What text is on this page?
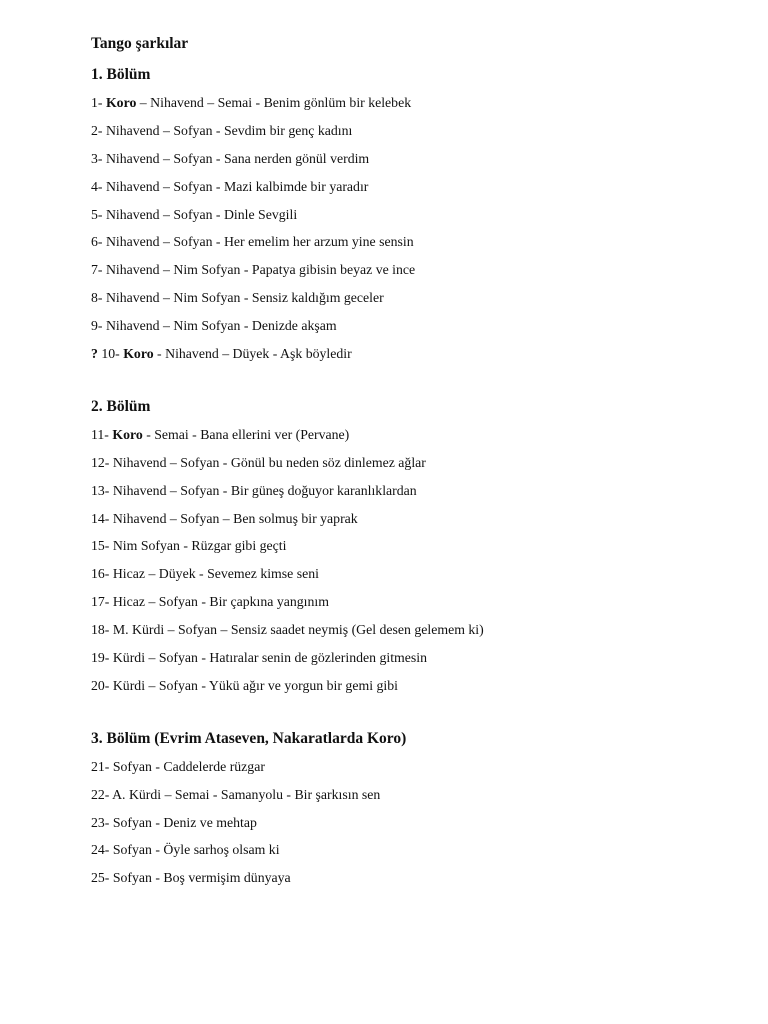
Tango şarkılar
1. Bölüm
1- Koro – Nihavend – Semai - Benim gönlüm bir kelebek
2- Nihavend – Sofyan - Sevdim bir genç kadını
3- Nihavend – Sofyan - Sana nerden gönül verdim
4- Nihavend – Sofyan - Mazi kalbimde bir yaradır
5- Nihavend – Sofyan - Dinle Sevgili
6- Nihavend – Sofyan - Her emelim her arzum yine sensin
7- Nihavend – Nim Sofyan - Papatya gibisin beyaz ve ince
8- Nihavend – Nim Sofyan - Sensiz kaldığım geceler
9- Nihavend – Nim Sofyan - Denizde akşam
? 10- Koro - Nihavend – Düyek - Aşk böyledir
2. Bölüm
11- Koro - Semai - Bana ellerini ver (Pervane)
12- Nihavend – Sofyan - Gönül bu neden söz dinlemez ağlar
13- Nihavend – Sofyan - Bir güneş doğuyor karanlıklardan
14- Nihavend – Sofyan – Ben solmuş bir yaprak
15- Nim Sofyan - Rüzgar gibi geçti
16- Hicaz – Düyek - Sevemez kimse seni
17- Hicaz – Sofyan - Bir çapkına yangınım
18- M. Kürdi – Sofyan – Sensiz saadet neymiş (Gel desen gelemem ki)
19- Kürdi – Sofyan - Hatıralar senin de gözlerinden gitmesin
20- Kürdi – Sofyan - Yükü ağır ve yorgun bir gemi gibi
3. Bölüm (Evrim Ataseven, Nakaratlarda Koro)
21- Sofyan - Caddelerde rüzgar
22- A. Kürdi – Semai - Samanyolu - Bir şarkısın sen
23- Sofyan - Deniz ve mehtap
24- Sofyan - Öyle sarhoş olsam ki
25- Sofyan - Boş vermişim dünyaya
